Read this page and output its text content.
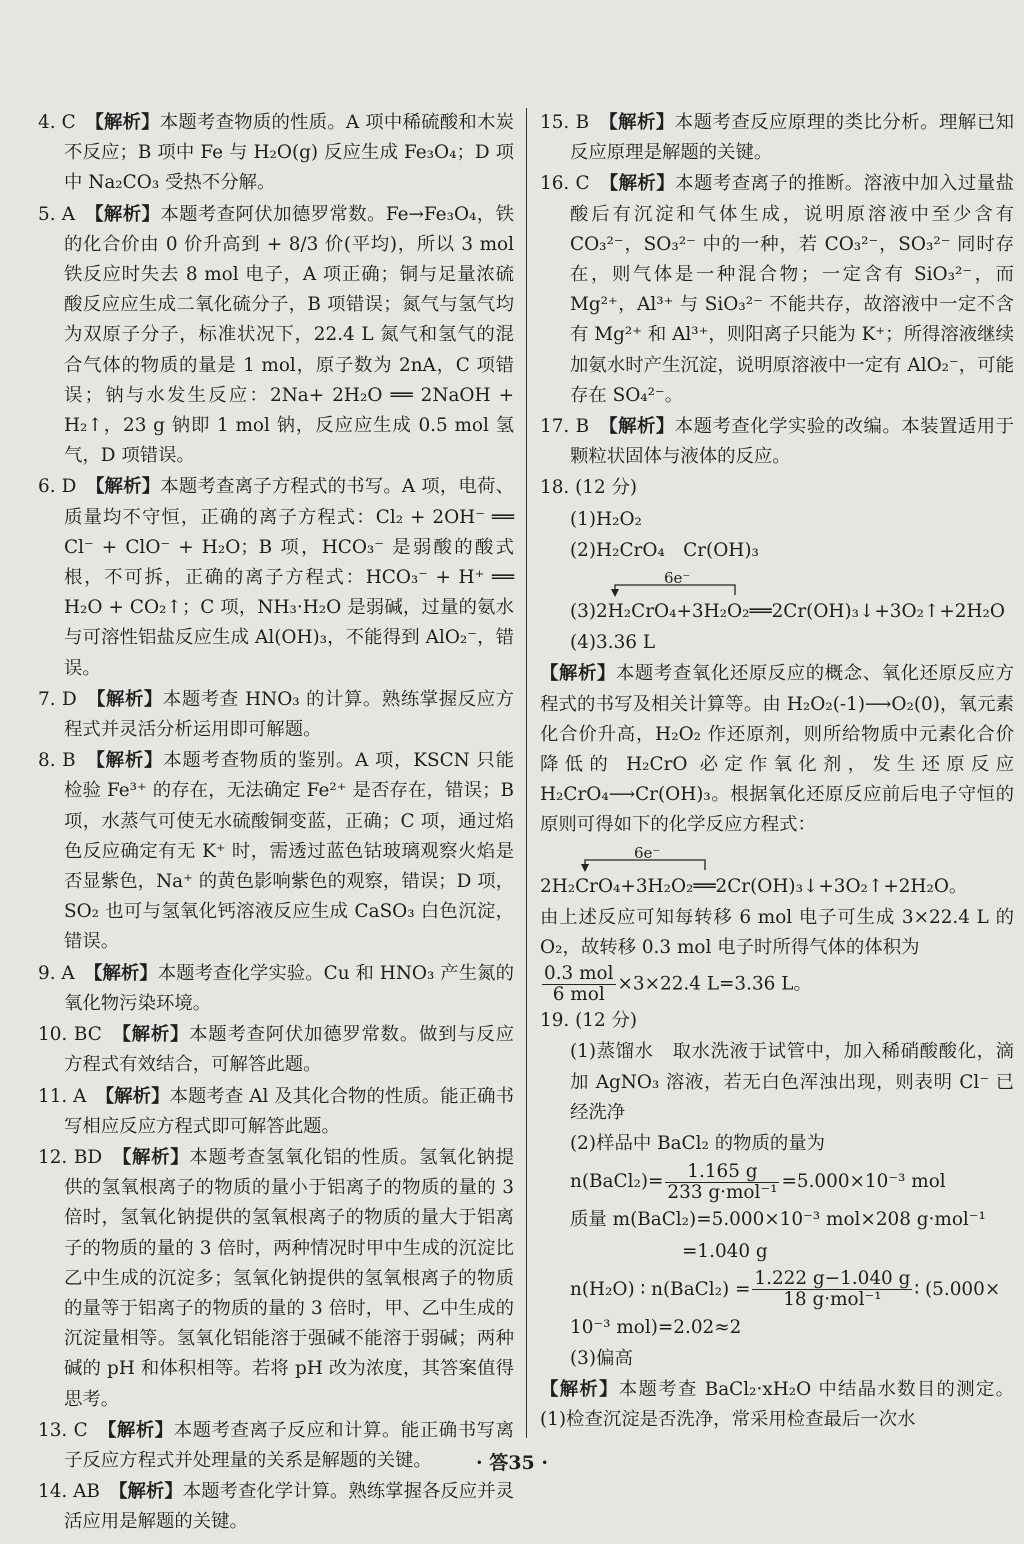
4. C　 【解析】本题考查物质的性质。A 项中稀硫酸和木炭不反应；B 项中 Fe 与 H₂O(g) 反应生成 Fe₃O₄；D 项中 Na₂CO₃ 受热不分解。

5. A　 【解析】本题考查阿伏加德罗常数。Fe→Fe₃O₄，铁的化合价由 0 价升高到 + 8/3 价(平均)，所以 3 mol 铁反应时失去 8 mol 电子，A 项正确；铜与足量浓硫酸反应应生成二氧化硫分子，B 项错误；氮气与氢气均为双原子分子，标准状况下，22.4 L 氮气和氢气的混合气体的物质的量是 1 mol，原子数为 2nA，C 项错误；钠与水发生反应：2Na+ 2H₂O ══ 2NaOH + H₂↑，23 g 钠即 1 mol 钠，反应应生成 0.5 mol 氢气，D 项错误。

6. D　 【解析】本题考查离子方程式的书写。A 项，电荷、质量均不守恒，正确的离子方程式：Cl₂ + 2OH⁻ ══ Cl⁻ + ClO⁻ + H₂O；B 项，HCO₃⁻ 是弱酸的酸式根，不可拆，正确的离子方程式：HCO₃⁻ + H⁺ ══ H₂O + CO₂↑；C 项，NH₃·H₂O 是弱碱，过量的氨水与可溶性铝盐反应生成 Al(OH)₃，不能得到 AlO₂⁻，错误。

7. D　 【解析】本题考查 HNO₃ 的计算。熟练掌握反应方程式并灵活分析运用即可解题。

8. B　 【解析】本题考查物质的鉴别。A 项，KSCN 只能检验 Fe³⁺ 的存在，无法确定 Fe²⁺ 是否存在，错误；B 项，水蒸气可使无水硫酸铜变蓝，正确；C 项，通过焰色反应确定有无 K⁺ 时，需透过蓝色钴玻璃观察火焰是否显紫色，Na⁺ 的黄色影响紫色的观察，错误；D 项，SO₂ 也可与氢氧化钙溶液反应生成 CaSO₃ 白色沉淀，错误。

9. A　 【解析】本题考查化学实验。Cu 和 HNO₃ 产生氮的氧化物污染环境。

10. BC　 【解析】本题考查阿伏加德罗常数。做到与反应方程式有效结合，可解答此题。

11. A　 【解析】本题考查 Al 及其化合物的性质。能正确书写相应反应方程式即可解答此题。

12. BD　 【解析】本题考查氢氧化铝的性质。氢氧化钠提供的氢氧根离子的物质的量小于铝离子的物质的量的 3 倍时，氢氧化钠提供的氢氧根离子的物质的量大于铝离子的物质的量的 3 倍时，两种情况时甲中生成的沉淀比乙中生成的沉淀多；氢氧化钠提供的氢氧根离子的物质的量等于铝离子的物质的量的 3 倍时，甲、乙中生成的沉淀量相等。氢氧化铝能溶于强碱不能溶于弱碱；两种碱的 pH 和体积相等。若将 pH 改为浓度，其答案值得思考。

13. C　 【解析】本题考查离子反应和计算。能正确书写离子反应方程式并处理量的关系是解题的关键。

14. AB　 【解析】本题考查化学计算。熟练掌握各反应并灵活应用是解题的关键。

15. B　 【解析】本题考查反应原理的类比分析。理解已知反应原理是解题的关键。

16. C　 【解析】本题考查离子的推断。溶液中加入过量盐酸后有沉淀和气体生成，说明原溶液中至少含有 CO₃²⁻，SO₃²⁻ 中的一种，若 CO₃²⁻，SO₃²⁻ 同时存在，则气体是一种混合物；一定含有 SiO₃²⁻，而 Mg²⁺，Al³⁺ 与 SiO₃²⁻ 不能共存，故溶液中一定不含有 Mg²⁺ 和 Al³⁺，则阳离子只能为 K⁺；所得溶液继续加氨水时产生沉淀，说明原溶液中一定有 AlO₂⁻，可能存在 SO₄²⁻。

17. B　 【解析】本题考查化学实验的改编。本装置适用于颗粒状固体与液体的反应。

18. (12 分)

(1)H₂O₂

(2)H₂CrO₄　Cr(OH)₃

6e⁻

(3)2H₂CrO₄+3H₂O₂══2Cr(OH)₃↓+3O₂↑+2H₂O

(4)3.36 L

【解析】本题考查氧化还原反应的概念、氧化还原反应方程式的书写及相关计算等。由 H₂O₂(-1)⟶O₂(0)，氧元素化合价升高，H₂O₂ 作还原剂，则所给物质中元素化合价降低的 H₂CrO 必定作氧化剂，发生还原反应 H₂CrO₄⟶Cr(OH)₃。根据氧化还原反应前后电子守恒的原则可得如下的化学反应方程式：

6e⁻

2H₂CrO₄+3H₂O₂══2Cr(OH)₃↓+3O₂↑+2H₂O。

由上述反应可知每转移 6 mol 电子可生成 3×22.4 L 的 O₂，故转移 0.3 mol 电子时所得气体的体积为

$\frac{\text{0.3 mol}}{\text{6 mol}} \times 3\times 22.4$ L=3.36 L。

19. (12 分)

(1)蒸馏水　取水洗液于试管中，加入稀硝酸酸化，滴加 AgNO₃ 溶液，若无白色浑浊出现，则表明 Cl⁻ 已经洗净

(2)样品中 BaCl₂ 的物质的量为

n(BaCl₂)= $\frac{1.165 g}{\text{233 g·mol⁻¹}} =5.000\times 10^{-3}$ mol

质量 m(BaCl₂)=5.000×10⁻³ mol×208 g·mol⁻¹

=1.040 g

n(H₂O) ∶ n(BaCl₂) = $\frac{1.222 g-1.040 g}{\text{18 g·mol⁻¹}}$ ∶ (5.000×

10⁻³ mol)=2.02≈2

(3)偏高

【解析】本题考查 BaCl₂·xH₂O 中结晶水数目的测定。(1)检查沉淀是否洗净，常采用检查最后一次水

· 答35 ·
